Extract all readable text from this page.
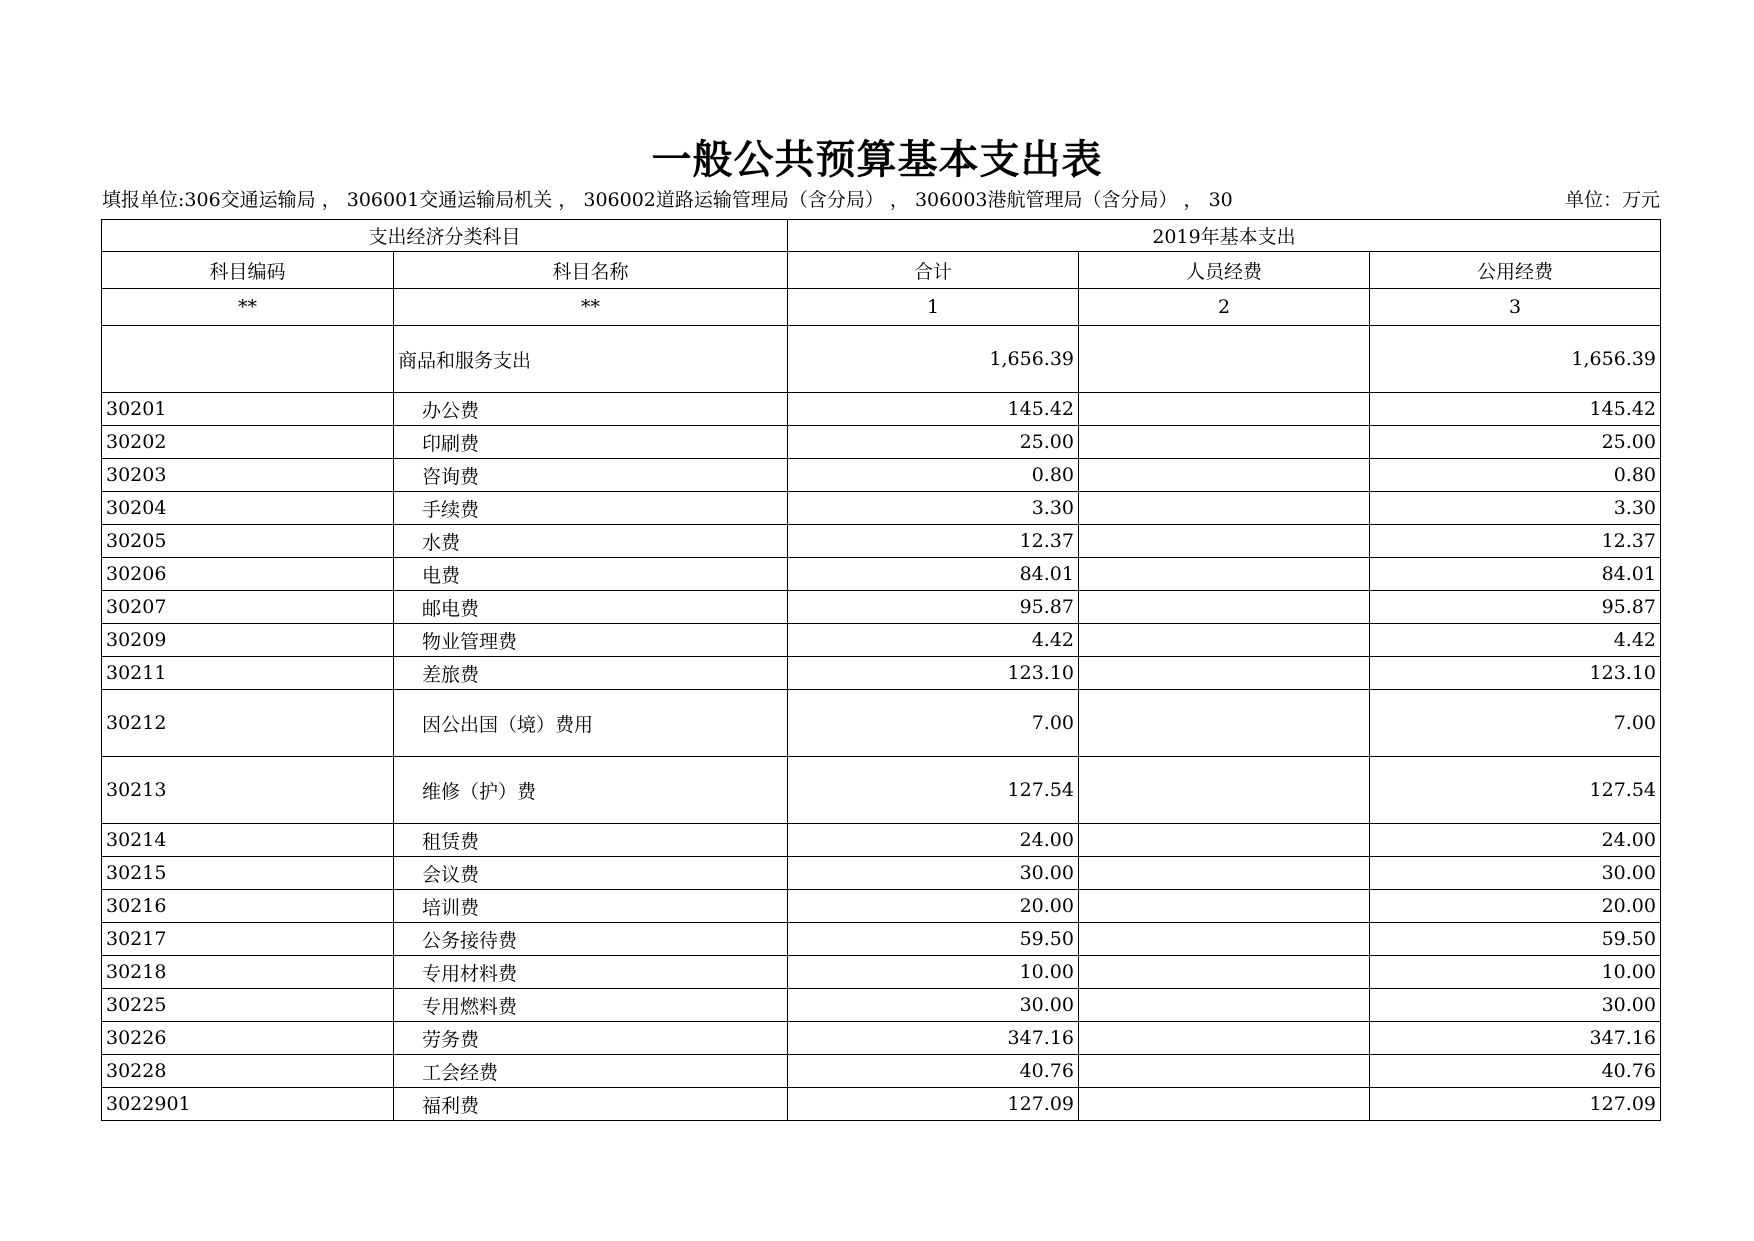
一般公共预算基本支出表
填报单位:306交通运输局 ， 306001交通运输局机关 ， 306002道路运输管理局（含分局） ， 306003港航管理局（含分局） ， 30	单位：万元
支出经济分类科目		2019年基本支出		
科目编码	科目名称	合计	人员经费	公用经费
**	**	1	2	3
	商品和服务支出	1,656.39		1,656.39
30201	办公费	145.42		145.42
30202	印刷费	25.00		25.00
30203	咨询费	0.80		0.80
30204	手续费	3.30		3.30
30205	水费	12.37		12.37
30206	电费	84.01		84.01
30207	邮电费	95.87		95.87
30209	物业管理费	4.42		4.42
30211	差旅费	123.10		123.10
30212	因公出国（境）费用	7.00		7.00
30213	维修（护）费	127.54		127.54
30214	租赁费	24.00		24.00
30215	会议费	30.00		30.00
30216	培训费	20.00		20.00
30217	公务接待费	59.50		59.50
30218	专用材料费	10.00		10.00
30225	专用燃料费	30.00		30.00
30226	劳务费	347.16		347.16
30228	工会经费	40.76		40.76
3022901	福利费	127.09		127.09
